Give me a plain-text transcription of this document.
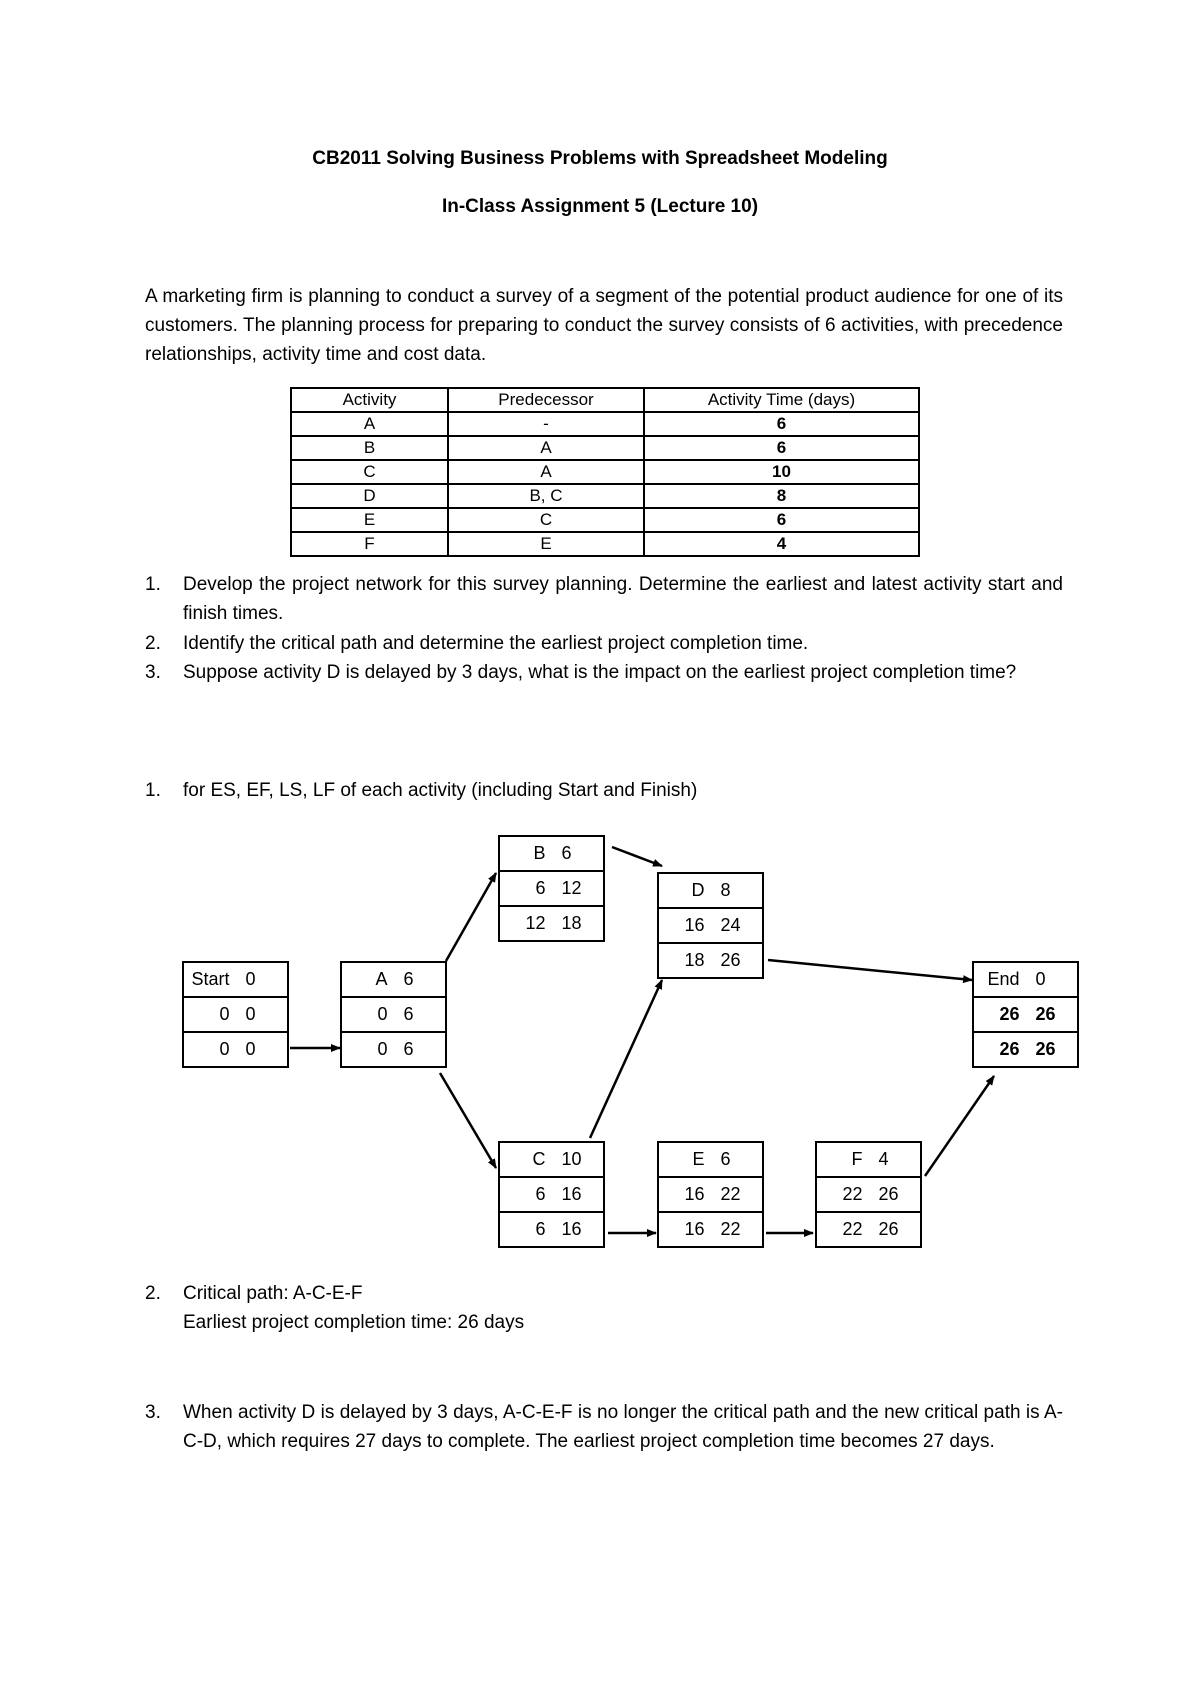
CB2011 Solving Business Problems with Spreadsheet Modeling
In-Class Assignment 5 (Lecture 10)
A marketing firm is planning to conduct a survey of a segment of the potential product audience for one of its customers. The planning process for preparing to conduct the survey consists of 6 activities, with precedence relationships, activity time and cost data.
Activity	Predecessor	Activity Time (days)
A	-	6
B	A	6
C	A	10
D	B, C	8
E	C	6
F	E	4
1. Develop the project network for this survey planning. Determine the earliest and latest activity start and finish times.
2. Identify the critical path and determine the earliest project completion time.
3. Suppose activity D is delayed by 3 days, what is the impact on the earliest project completion time?
1. for ES, EF, LS, LF of each activity (including Start and Finish)
Start 0
0 0
0 0
A 6
0 6
0 6
B 6
6 12
12 18
D 8
16 24
18 26
End 0
26 26
26 26
C 10
6 16
6 16
E 6
16 22
16 22
F 4
22 26
22 26
2. Critical path: A-C-E-F
Earliest project completion time: 26 days
3. When activity D is delayed by 3 days, A-C-E-F is no longer the critical path and the new critical path is A-C-D, which requires 27 days to complete. The earliest project completion time becomes 27 days.
